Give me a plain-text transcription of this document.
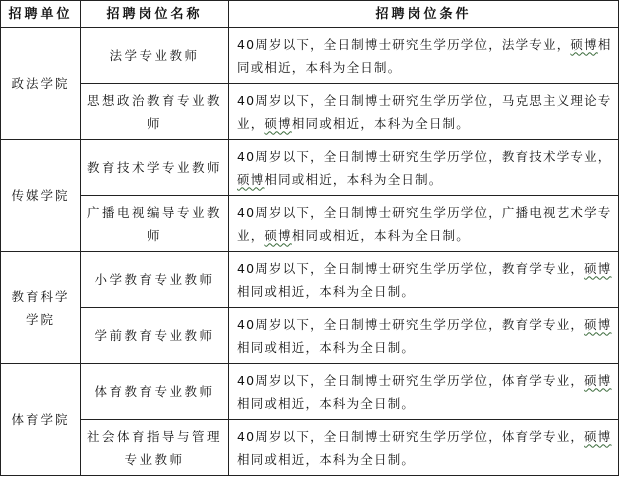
招聘单位	招聘岗位名称	招聘岗位条件
政法学院	法学专业教师	40周岁以下，全日制博士研究生学历学位，法学专业，硕博相同或相近，本科为全日制。
	思想政治教育专业教师	40周岁以下，全日制博士研究生学历学位，马克思主义理论专业，硕博相同或相近，本科为全日制。
传媒学院	教育技术学专业教师	40周岁以下，全日制博士研究生学历学位，教育技术学专业，硕博相同或相近，本科为全日制。
	广播电视编导专业教师	40周岁以下，全日制博士研究生学历学位，广播电视艺术学专业，硕博相同或相近，本科为全日制。
教育科学学院	小学教育专业教师	40周岁以下，全日制博士研究生学历学位，教育学专业，硕博相同或相近，本科为全日制。
	学前教育专业教师	40周岁以下，全日制博士研究生学历学位，教育学专业，硕博相同或相近，本科为全日制。
体育学院	体育教育专业教师	40周岁以下，全日制博士研究生学历学位，体育学专业，硕博相同或相近，本科为全日制。
	社会体育指导与管理专业教师	40周岁以下，全日制博士研究生学历学位，体育学专业，硕博相同或相近，本科为全日制。
